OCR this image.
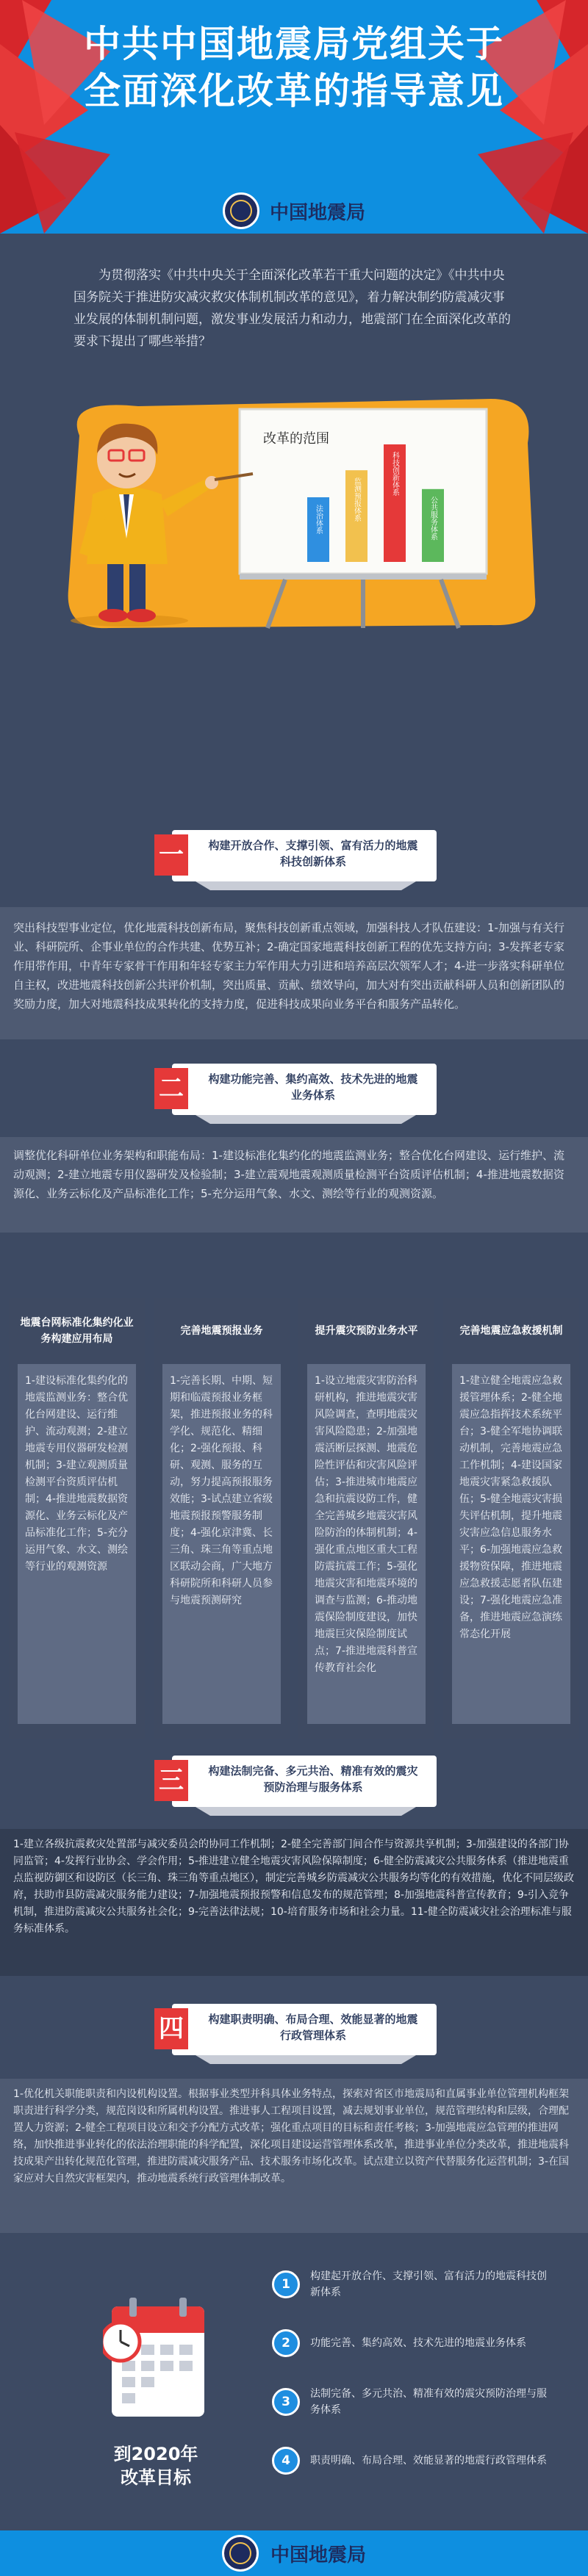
中共中国地震局党组关于
全面深化改革的指导意见
中国地震局

为贯彻落实《中共中央关于全面深化改革若干重大问题的决定》《中共中央国务院关于推进防灾减灾救灾体制机制改革的意见》，着力解决制约防震减灾事业发展的体制机制问题，激发事业发展活力和动力，地震部门在全面深化改革的要求下提出了哪些举措？

改革的范围
法治体系	监测预报体系
科技创新体系
公共服务体系
一	构建开放合作、支撑引领、富有活力的地震科技创新体系

突出科技型事业定位，优化地震科技创新布局，聚焦科技创新重点领域，加强科技人才队伍建设：1-加强与有关行业、科研院所、企事业单位的合作共建、优势互补；2-确定国家地震科技创新工程的优先支持方向；3-发挥老专家作用带作用，中青年专家骨干作用和年轻专家主力军作用大力引进和培养高层次领军人才；4-进一步落实科研单位自主权，改进地震科技创新公共评价机制，突出质量、贡献、绩效导向，加大对有突出贡献科研人员和创新团队的奖励力度，加大对地震科技成果转化的支持力度，促进科技成果向业务平台和服务产品转化。

二	构建功能完善、集约高效、技术先进的地震业务体系

调整优化科研单位业务架构和职能布局：1-建设标准化集约化的地震监测业务；整合优化台网建设、运行维护、流动观测；2-建立地震专用仪器研发及检验制；3-建立震观地震观测质量检测平台资质评估机制；4-推进地震数据资源化、业务云标化及产品标准化工作；5-充分运用气象、水文、测绘等行业的观测资源。

地震台网标准化集约化业务构建应用布局
1-建设标准化集约化的地震监测业务：整合优化台网建设、运行维护、流动观测；2-建立地震专用仪器研发检测机制；3-建立观测质量检测平台资质评估机制；4-推进地震数据资源化、业务云标化及产品标准化工作；5-充分运用气象、水文、测绘等行业的观测资源
完善地震预报业务
1-完善长期、中期、短期和临震预报业务框架，推进预报业务的科学化、规范化、精细化；2-强化预报、科研、观测、服务的互动，努力提高预报服务效能；3-试点建立省级地震预报预警服务制度；4-强化京津冀、长三角、珠三角等重点地区联动会商，广大地方科研院所和科研人员参与地震预测研究
提升震灾预防业务水平
1-设立地震灾害防治科研机构，推进地震灾害风险调查，查明地震灾害风险隐患；2-加强地震活断层探测、地震危险性评估和灾害风险评估；3-推进城市地震应急和抗震设防工作，健全完善城乡地震灾害风险防治的体制机制；4-强化重点地区重大工程防震抗震工作；5-强化地震灾害和地震环境的调查与监测；6-推动地震保险制度建设，加快地震巨灾保险制度试点；7-推进地震科普宣传教育社会化
完善地震应急救援机制
1-建立健全地震应急救援管理体系；2-健全地震应急指挥技术系统平台；3-健全军地协调联动机制，完善地震应急工作机制；4-建设国家地震灾害紧急救援队伍；5-健全地震灾害损失评估机制，提升地震灾害应急信息服务水平；6-加强地震应急救援物资保障，推进地震应急救援志愿者队伍建设；7-强化地震应急准备，推进地震应急演练常态化开展
三	构建法制完备、多元共治、精准有效的震灾预防治理与服务体系

1-建立各级抗震救灾处置部与减灾委员会的协同工作机制；2-健全完善部门间合作与资源共享机制；3-加强建设的各部门协同监管；4-发挥行业协会、学会作用；5-推进建立健全地震灾害风险保障制度；6-健全防震减灾公共服务体系（推进地震重点监视防御区和设防区（长三角、珠三角等重点地区），制定完善城乡防震减灾公共服务均等化的有效措施，优化不同层级政府，扶助市县防震减灾服务能力建设；7-加强地震预报预警和信息发布的规范管理；8-加强地震科普宣传教育；9-引入竞争机制，推进防震减灾公共服务社会化；9-完善法律法规；10-培育服务市场和社会力量。11-健全防震减灾社会治理标准与服务标准体系。

四	构建职责明确、布局合理、效能显著的地震行政管理体系

1-优化机关职能职责和内设机构设置。根据事业类型并科具体业务特点，探索对省区市地震局和直属事业单位管理机构框架职责进行科学分类，规范岗设和所属机构设置。推进事人工程项目设置，减去规划事业单位，规范管理结构和层级，合理配置人力资源；2-健全工程项目设立和交予分配方式改革；强化重点项目的目标和责任考核；3-加强地震应急管理的推进网络，加快推进事业转化的依法治理职能的科学配置，深化项目建设运营管理体系改革，推进事业单位分类改革，推进地震科技成果产出转化规范化管理，推进防震减灾服务产品、技术服务市场化改革。试点建立以资产代替服务化运营机制；3-在国家应对大自然灾害框架内，推动地震系统行政管理体制改革。

到2020年
改革目标
1
构建起开放合作、支撑引领、富有活力的地震科技创新体系
2	功能完善、集约高效、技术先进的地震业务体系
3
法制完备、多元共治、精准有效的震灾预防治理与服务体系
4	职责明确、布局合理、效能显著的地震行政管理体系
中国地震局
